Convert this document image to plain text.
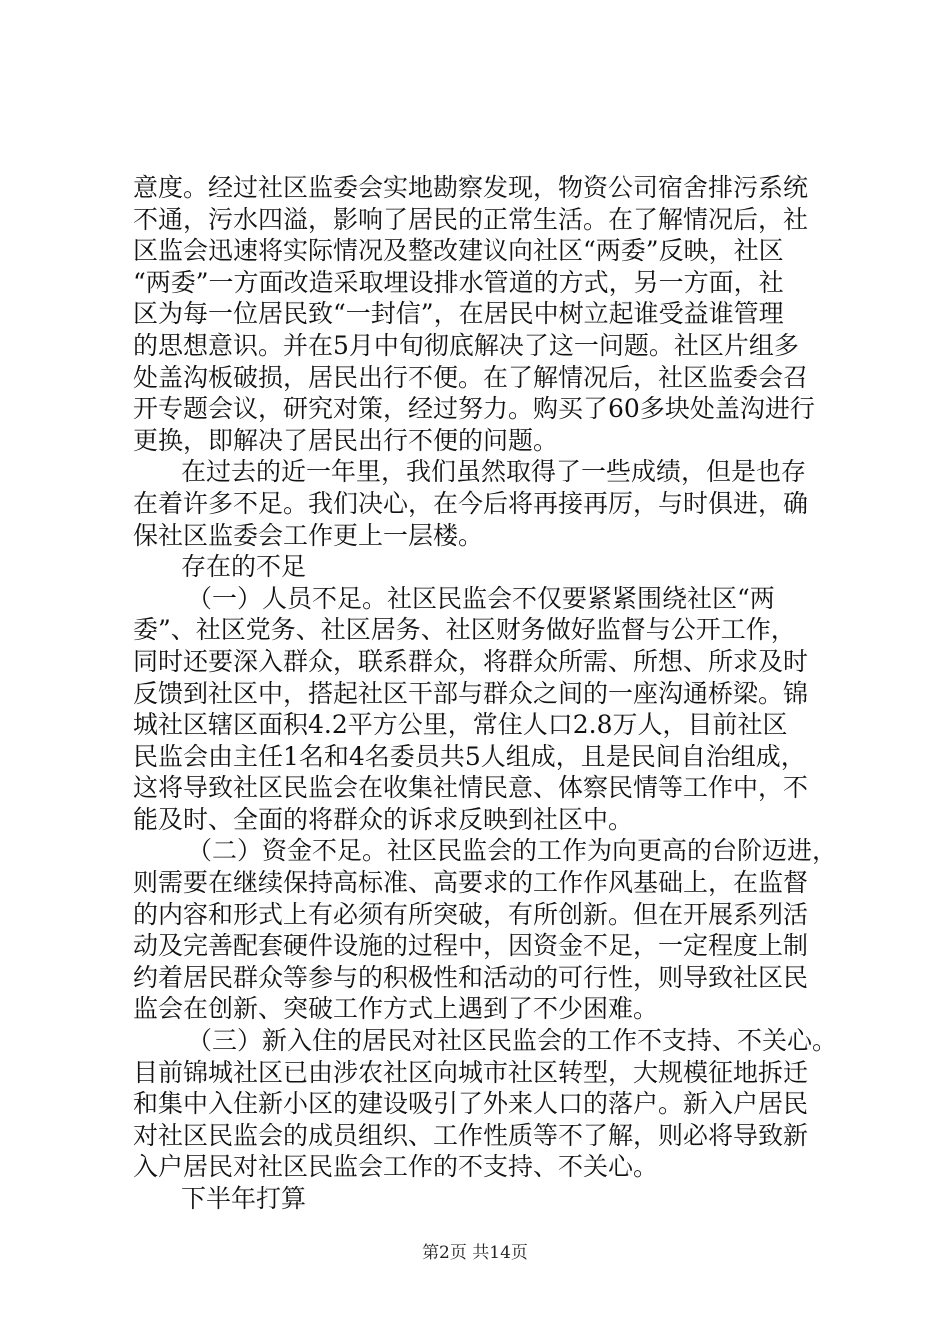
意度。经过社区监委会实地勘察发现，物资公司宿舍排污系统
不通，污水四溢，影响了居民的正常生活。在了解情况后，社
区监会迅速将实际情况及整改建议向社区“两委”反映，社区
“两委”一方面改造采取埋设排水管道的方式，另一方面，社
区为每一位居民致“一封信”，在居民中树立起谁受益谁管理
的思想意识。并在5月中旬彻底解决了这一问题。社区片组多
处盖沟板破损，居民出行不便。在了解情况后，社区监委会召
开专题会议，研究对策，经过努力。购买了60多块处盖沟进行
更换，即解决了居民出行不便的问题。
在过去的近一年里，我们虽然取得了一些成绩，但是也存
在着许多不足。我们决心，在今后将再接再厉，与时俱进，确
保社区监委会工作更上一层楼。
存在的不足
（一）人员不足。社区民监会不仅要紧紧围绕社区“两
委”、社区党务、社区居务、社区财务做好监督与公开工作，
同时还要深入群众，联系群众，将群众所需、所想、所求及时
反馈到社区中，搭起社区干部与群众之间的一座沟通桥梁。锦
城社区辖区面积4.2平方公里，常住人口2.8万人，目前社区
民监会由主任1名和4名委员共5人组成，且是民间自治组成，
这将导致社区民监会在收集社情民意、体察民情等工作中，不
能及时、全面的将群众的诉求反映到社区中。
（二）资金不足。社区民监会的工作为向更高的台阶迈进，
则需要在继续保持高标准、高要求的工作作风基础上，在监督
的内容和形式上有必须有所突破，有所创新。但在开展系列活
动及完善配套硬件设施的过程中，因资金不足，一定程度上制
约着居民群众等参与的积极性和活动的可行性，则导致社区民
监会在创新、突破工作方式上遇到了不少困难。
（三）新入住的居民对社区民监会的工作不支持、不关心。
目前锦城社区已由涉农社区向城市社区转型，大规模征地拆迁
和集中入住新小区的建设吸引了外来人口的落户。新入户居民
对社区民监会的成员组织、工作性质等不了解，则必将导致新
入户居民对社区民监会工作的不支持、不关心。
下半年打算
第2页 共14页
